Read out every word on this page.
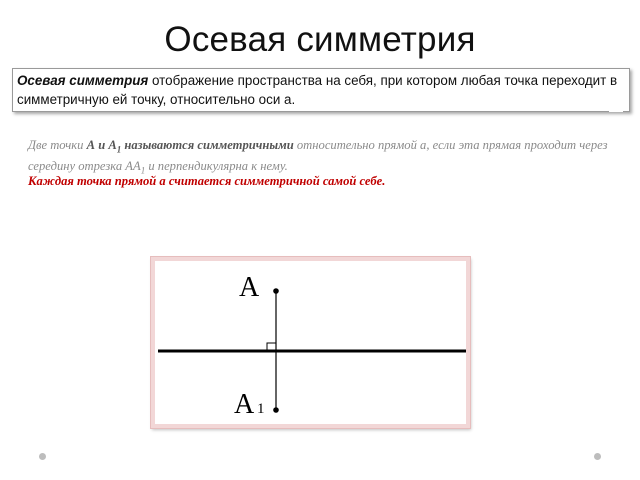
Осевая симметрия
Осевая симметрия отображение пространства на себя, при котором любая точка переходит в симметричную ей точку, относительно оси а.
Две точки А и $А_1$ называются симметричными относительно прямой а, если эта прямая проходит через середину отрезка $АА_1$ и перпендикулярна к нему.
Каждая точка прямой а считается симметричной самой себе.
А
А 1
